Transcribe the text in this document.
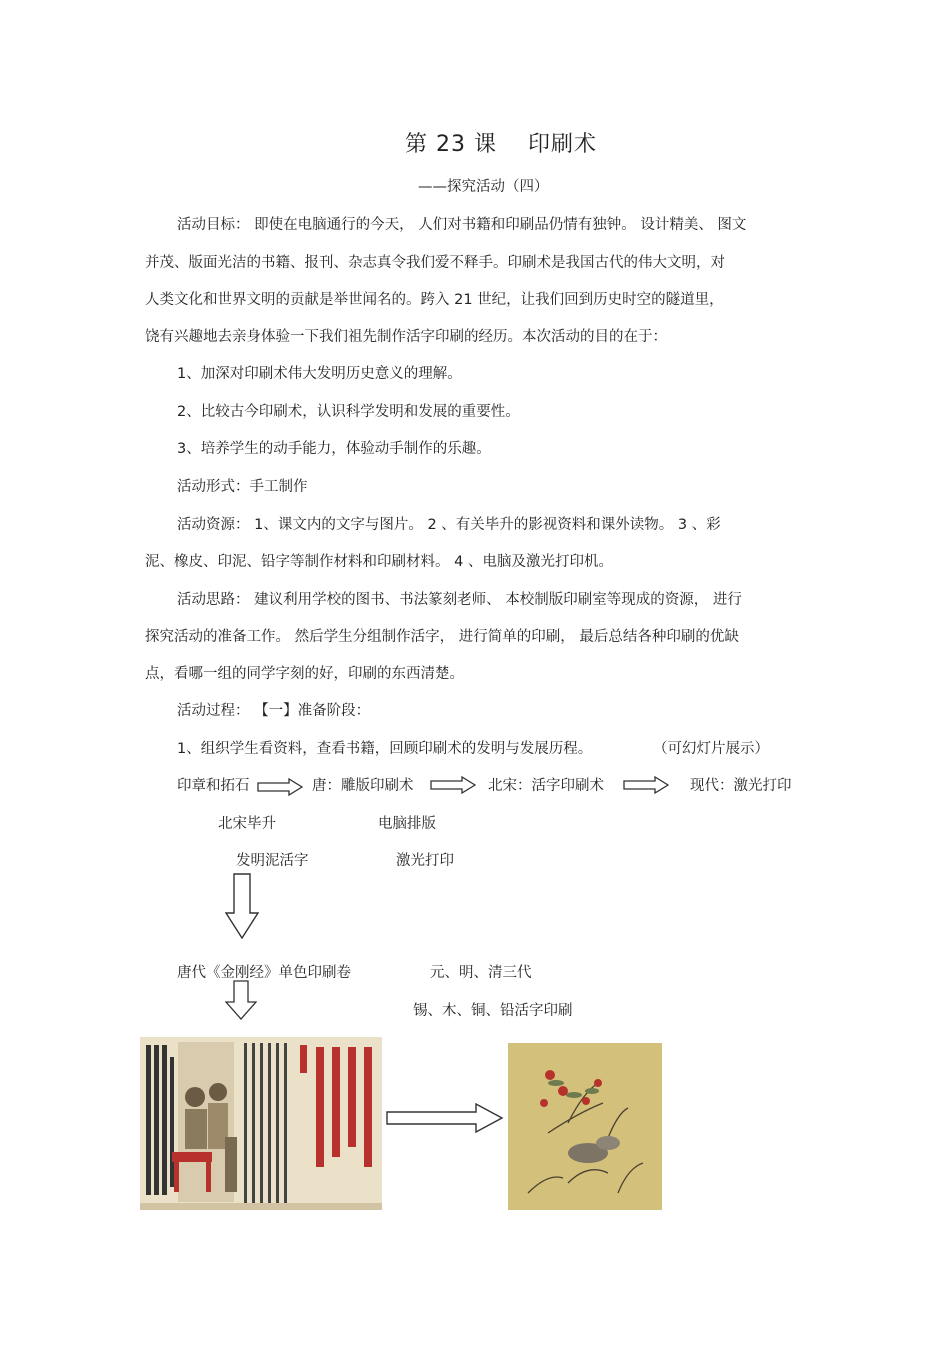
第 23 课　 印刷术
——探究活动（四）
活动目标： 即使在电脑通行的今天， 人们对书籍和印刷品仍情有独钟。 设计精美、 图文
并茂、版面光洁的书籍、报刊、杂志真令我们爱不释手。印刷术是我国古代的伟大文明，对
人类文化和世界文明的贡献是举世闻名的。跨入 21 世纪，让我们回到历史时空的隧道里，
饶有兴趣地去亲身体验一下我们祖先制作活字印刷的经历。本次活动的目的在于：
1、加深对印刷术伟大发明历史意义的理解。
2、比较古今印刷术，认识科学发明和发展的重要性。
3、培养学生的动手能力，体验动手制作的乐趣。
活动形式：手工制作
活动资源： 1、课文内的文字与图片。 2 、有关毕升的影视资料和课外读物。 3 、彩
泥、橡皮、印泥、铅字等制作材料和印刷材料。 4 、电脑及激光打印机。
活动思路： 建议利用学校的图书、书法篆刻老师、 本校制版印刷室等现成的资源， 进行
探究活动的准备工作。 然后学生分组制作活字， 进行简单的印刷， 最后总结各种印刷的优缺
点，看哪一组的同学字刻的好，印刷的东西清楚。
活动过程： 【一】准备阶段：
1、组织学生看资料，查看书籍，回顾印刷术的发明与发展历程。	（可幻灯片展示）
印章和拓石	唐：雕版印刷术	北宋：活字印刷术	现代：激光打印
北宋毕升	电脑排版
发明泥活字	激光打印
唐代《金刚经》单色印刷卷	元、明、清三代
锡、木、铜、铅活字印刷
